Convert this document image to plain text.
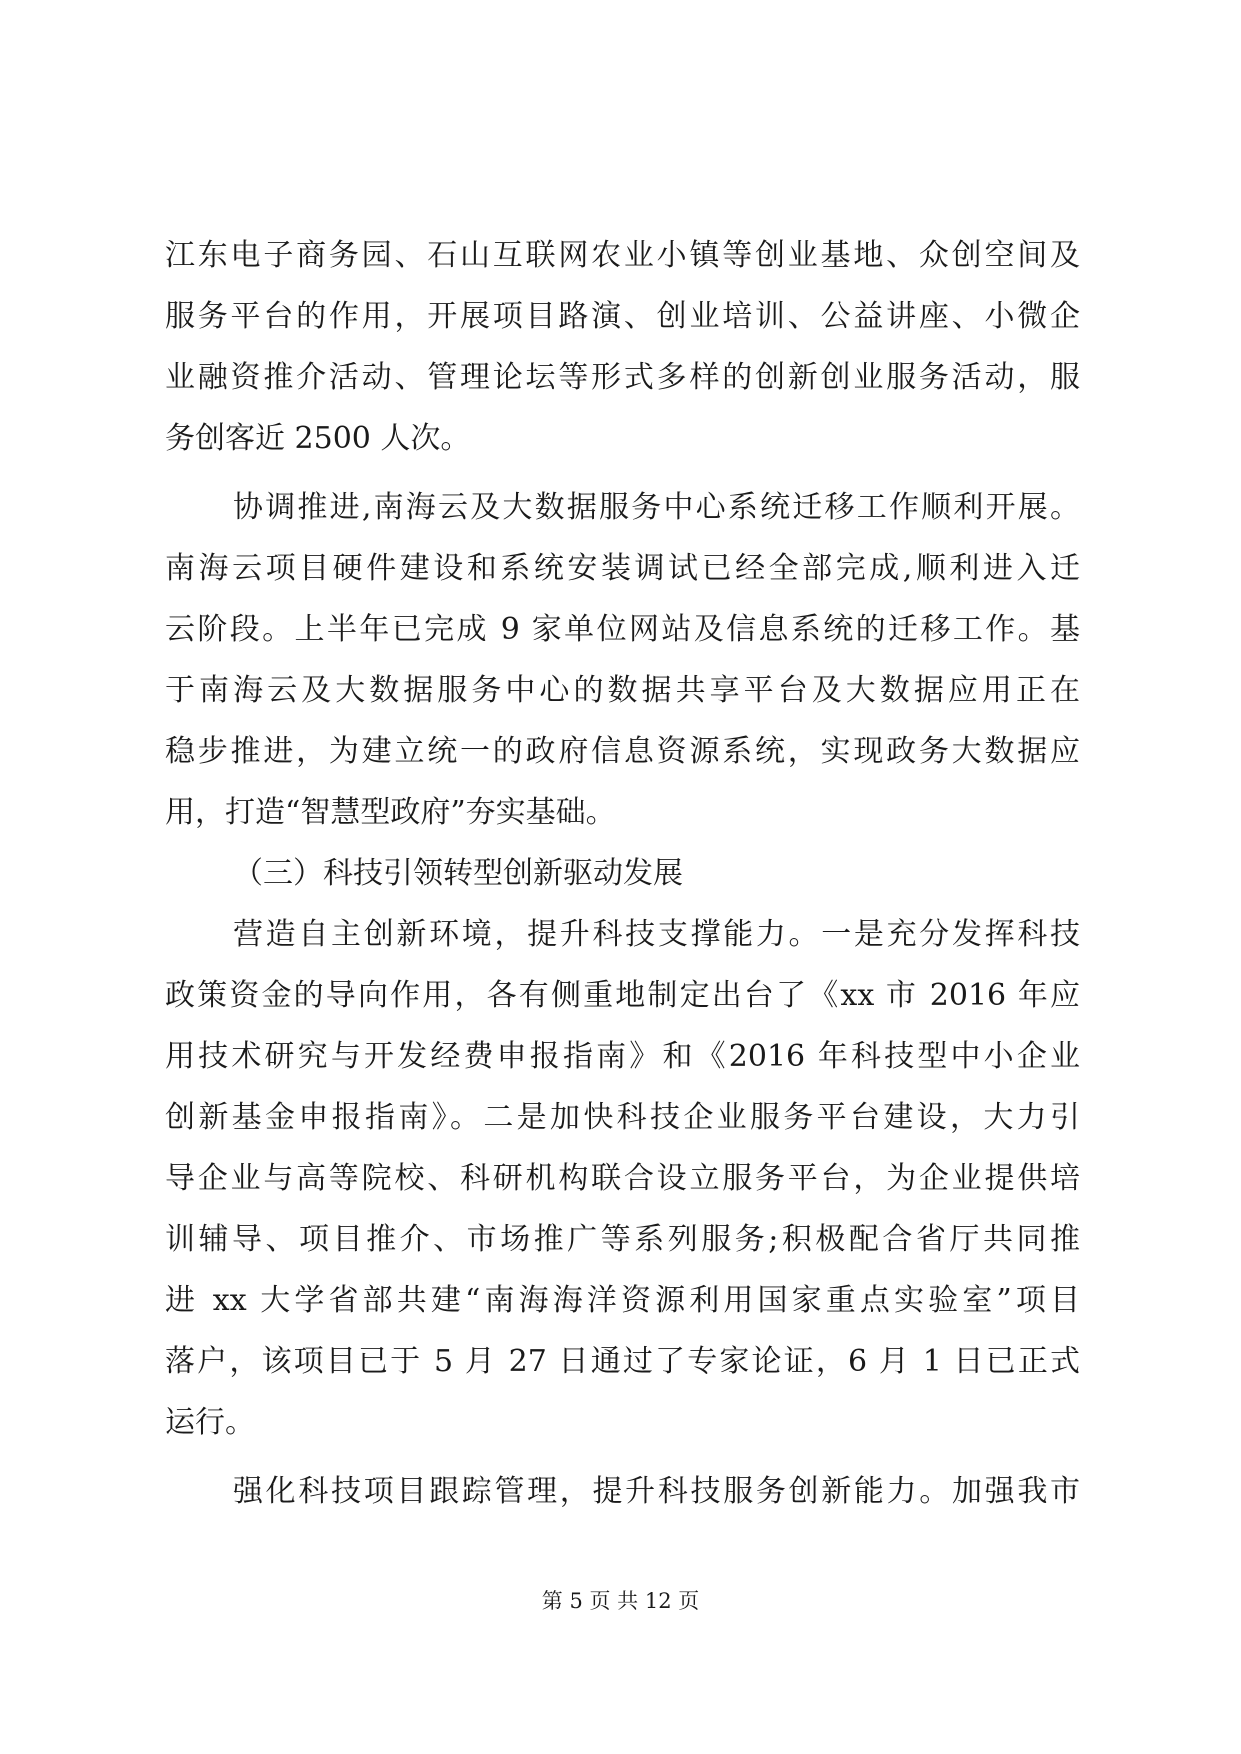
江东电子商务园、石山互联网农业小镇等创业基地、众创空间及
服务平台的作用，开展项目路演、创业培训、公益讲座、小微企
业融资推介活动、管理论坛等形式多样的创新创业服务活动，服
务创客近 2500 人次。
协调推进,南海云及大数据服务中心系统迁移工作顺利开展。
南海云项目硬件建设和系统安装调试已经全部完成,顺利进入迁
云阶段。上半年已完成 9 家单位网站及信息系统的迁移工作。基
于南海云及大数据服务中心的数据共享平台及大数据应用正在
稳步推进，为建立统一的政府信息资源系统，实现政务大数据应
用，打造“智慧型政府”夯实基础。
（三）科技引领转型创新驱动发展
营造自主创新环境，提升科技支撑能力。一是充分发挥科技
政策资金的导向作用，各有侧重地制定出台了《xx 市 2016 年应
用技术研究与开发经费申报指南》和《2016 年科技型中小企业
创新基金申报指南》。二是加快科技企业服务平台建设，大力引
导企业与高等院校、科研机构联合设立服务平台，为企业提供培
训辅导、项目推介、市场推广等系列服务;积极配合省厅共同推
进 xx 大学省部共建“南海海洋资源利用国家重点实验室”项目
落户，该项目已于 5 月 27 日通过了专家论证，6 月 1 日已正式
运行。
强化科技项目跟踪管理，提升科技服务创新能力。加强我市
第 5 页 共 12 页
